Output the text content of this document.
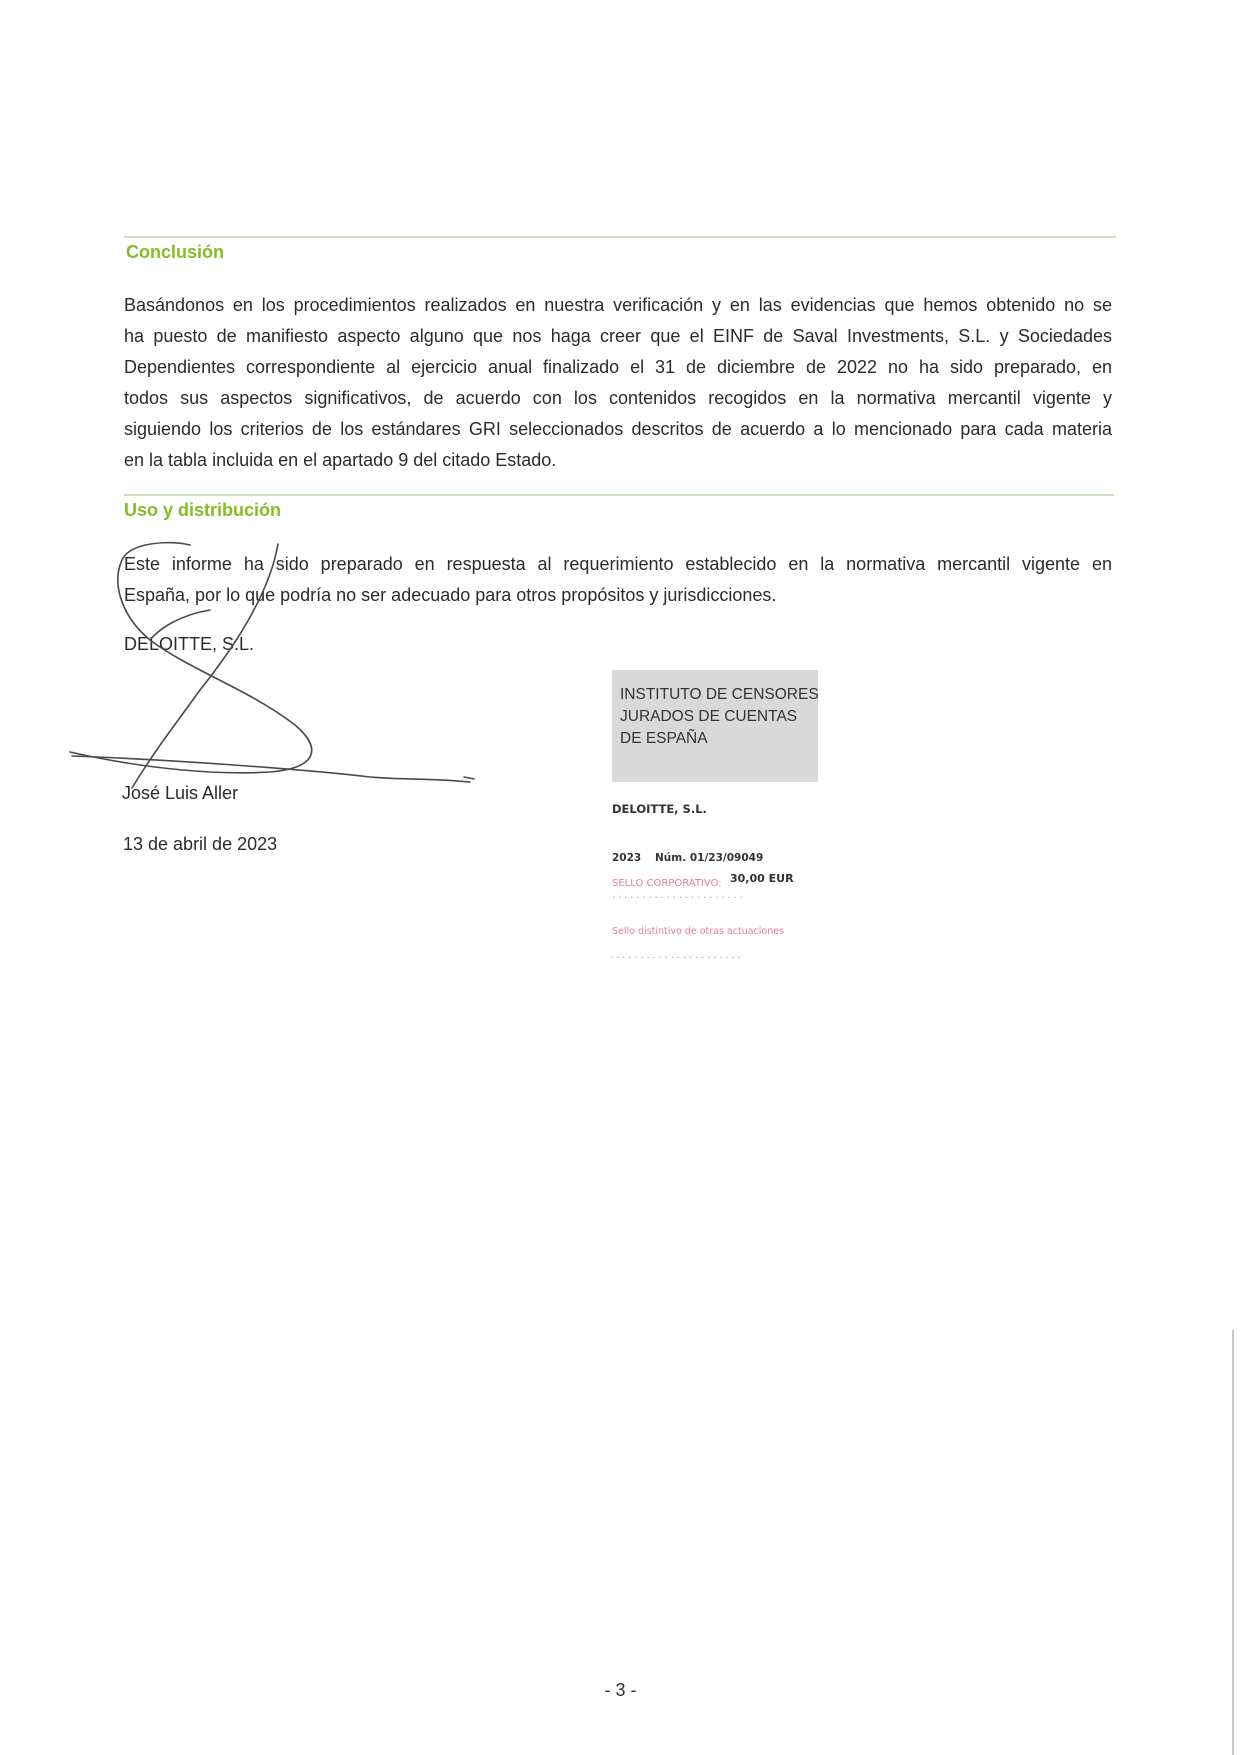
Conclusión
Basándonos en los procedimientos realizados en nuestra verificación y en las evidencias que hemos obtenido no se
ha puesto de manifiesto aspecto alguno que nos haga creer que el EINF de Saval Investments, S.L. y Sociedades
Dependientes correspondiente al ejercicio anual finalizado el 31 de diciembre de 2022 no ha sido preparado, en
todos sus aspectos significativos, de acuerdo con los contenidos recogidos en la normativa mercantil vigente y
siguiendo los criterios de los estándares GRI seleccionados descritos de acuerdo a lo mencionado para cada materia
en la tabla incluida en el apartado 9 del citado Estado.
Uso y distribución
Este informe ha sido preparado en respuesta al requerimiento establecido en la normativa mercantil vigente en
España, por lo que podría no ser adecuado para otros propósitos y jurisdicciones.
DELOITTE, S.L.
José Luis Aller
13 de abril de 2023
INSTITUTO DE CENSORES
JURADOS DE CUENTAS
DE ESPAÑA
DELOITTE, S.L.
2023 Núm. 01/23/09049
SELLO CORPORATIVO: 30,00 EUR
......................
Sello distintivo de otras actuaciones
......................
- 3 -
